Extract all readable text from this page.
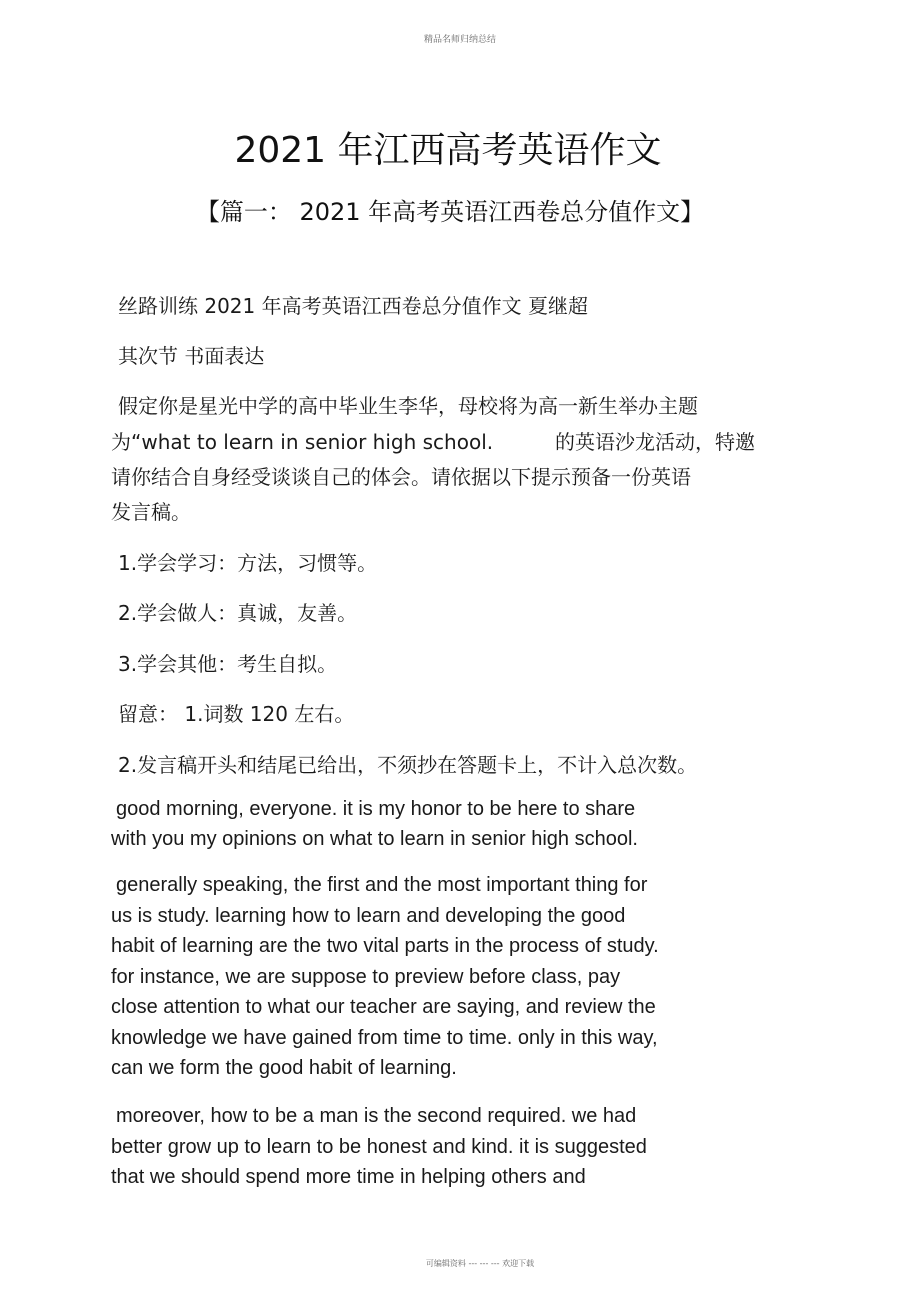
精品名师归纳总结
2021 年江西高考英语作文
【篇一： 2021 年高考英语江西卷总分值作文】
丝路训练 2021 年高考英语江西卷总分值作文 夏继超
其次节 书面表达
假定你是星光中学的高中毕业生李华，母校将为高一新生举办主题
为“what to learn in senior high school.	的英语沙龙活动，特邀
请你结合自身经受谈谈自己的体会。请依据以下提示预备一份英语
发言稿。
1.学会学习：方法，习惯等。
2.学会做人：真诚，友善。
3.学会其他：考生自拟。
留意： 1.词数 120 左右。
2.发言稿开头和结尾已给出，不须抄在答题卡上，不计入总次数。
good morning, everyone. it is my honor to be here to share
with you my opinions on what to learn in senior high school.
generally speaking, the first and the most important thing for
us is study. learning how to learn and developing the good
habit of learning are the two vital parts in the process of study.
for instance, we are suppose to preview before class, pay
close attention to what our teacher are saying, and review the
knowledge we have gained from time to time. only in this way,
can we form the good habit of learning.
moreover, how to be a man is the second required. we had
better grow up to learn to be honest and kind. it is suggested
that we should spend more time in helping others and
可编辑资料 --- --- --- 欢迎下载
